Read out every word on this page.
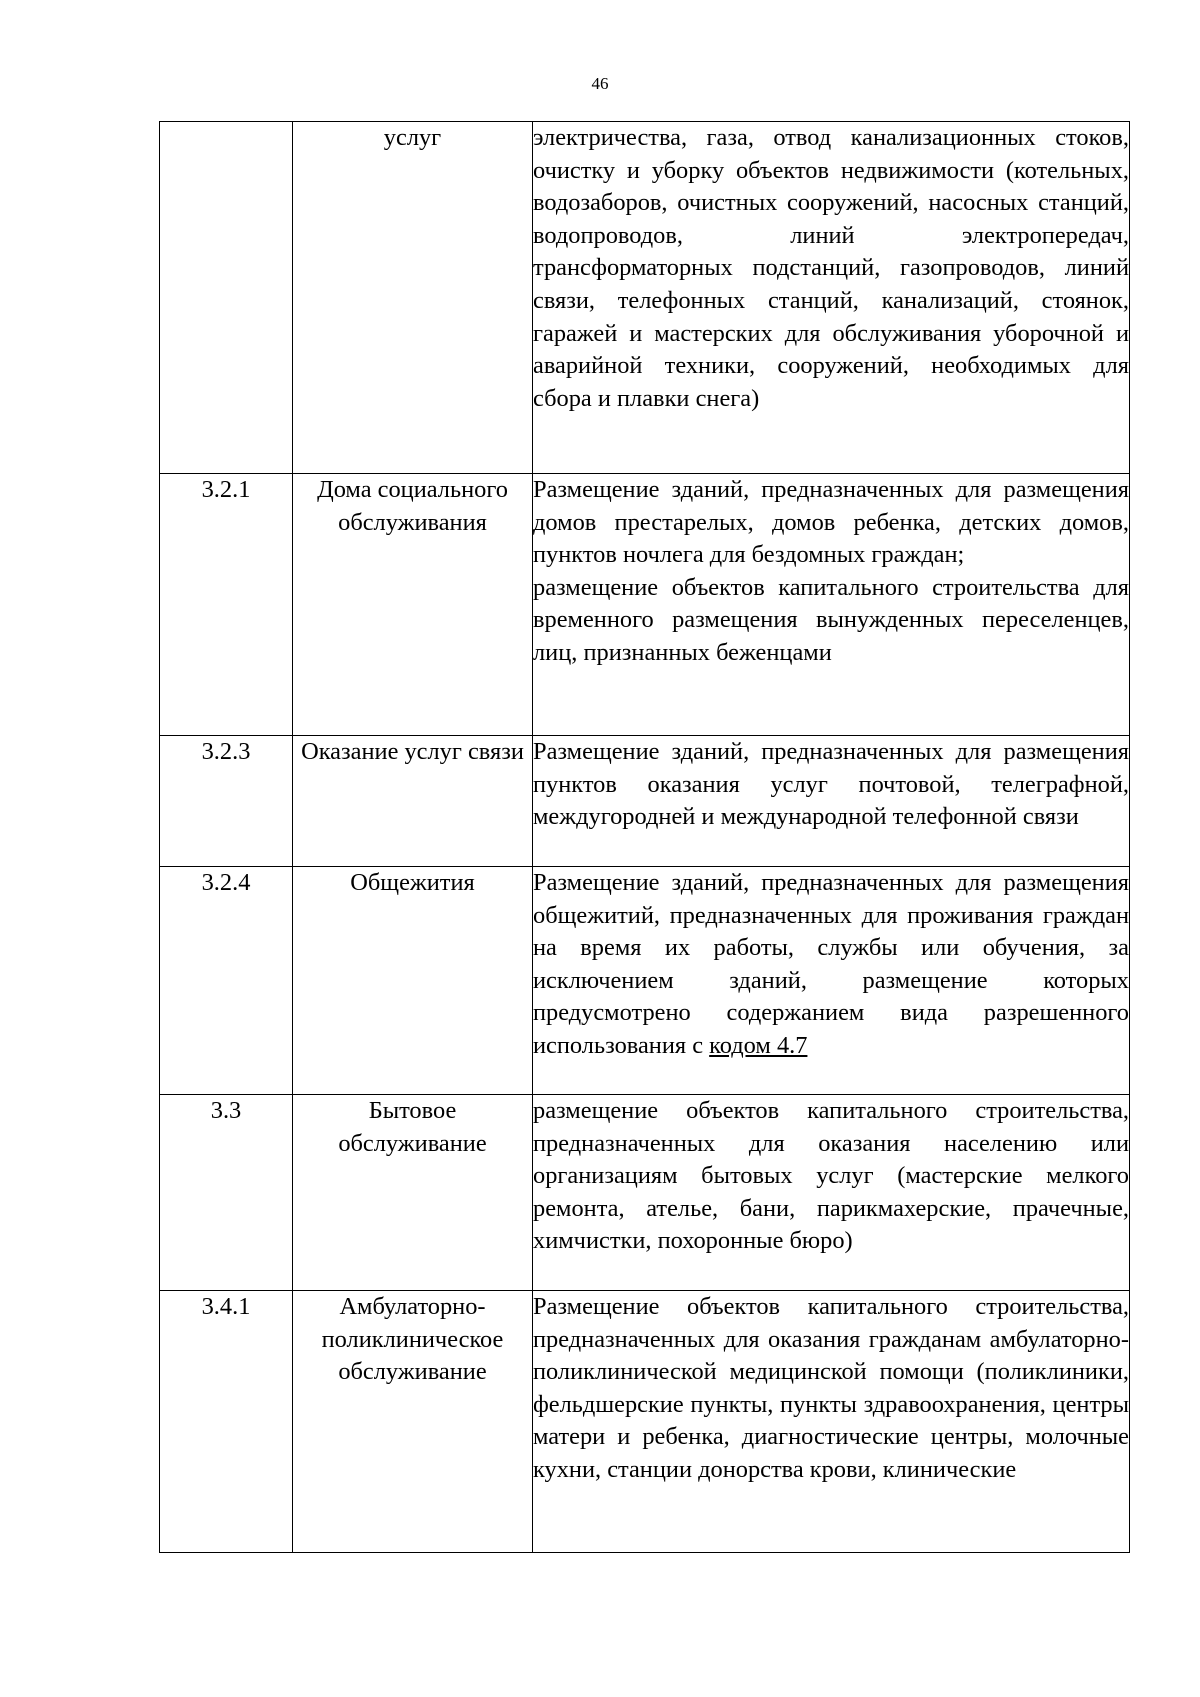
46
	услуг	электричества, газа, отвод канализационных стоков, очистку и уборку объектов недвижимости (котельных, водозаборов, очистных сооружений, насосных станций, водопроводов, линий электропередач, трансформаторных подстанций, газопроводов, линий связи, телефонных станций, канализаций, стоянок, гаражей и мастерских для обслуживания уборочной и аварийной техники, сооружений, необходимых для сбора и плавки снега)

3.2.1	Дома социального обслуживания	Размещение зданий, предназначенных для размещения домов престарелых, домов ребенка, детских домов, пунктов ночлега для бездомных граждан;
размещение объектов капитального строительства для временного размещения вынужденных переселенцев, лиц, признанных беженцами

3.2.3	Оказание услуг связи	Размещение зданий, предназначенных для размещения пунктов оказания услуг почтовой, телеграфной, междугородней и международной телефонной связи

3.2.4	Общежития	Размещение зданий, предназначенных для размещения общежитий, предназначенных для проживания граждан на время их работы, службы или обучения, за исключением зданий, размещение которых предусмотрено содержанием вида разрешенного использования с кодом 4.7

3.3	Бытовое обслуживание	размещение объектов капитального строительства, предназначенных для оказания населению или организациям бытовых услуг (мастерские мелкого ремонта, ателье, бани, парикмахерские, прачечные, химчистки, похоронные бюро)

3.4.1	Амбулаторно-поликлиническое обслуживание	Размещение объектов капитального строительства, предназначенных для оказания гражданам амбулаторно-поликлинической медицинской помощи (поликлиники, фельдшерские пункты, пункты здравоохранения, центры матери и ребенка, диагностические центры, молочные кухни, станции донорства крови, клинические
